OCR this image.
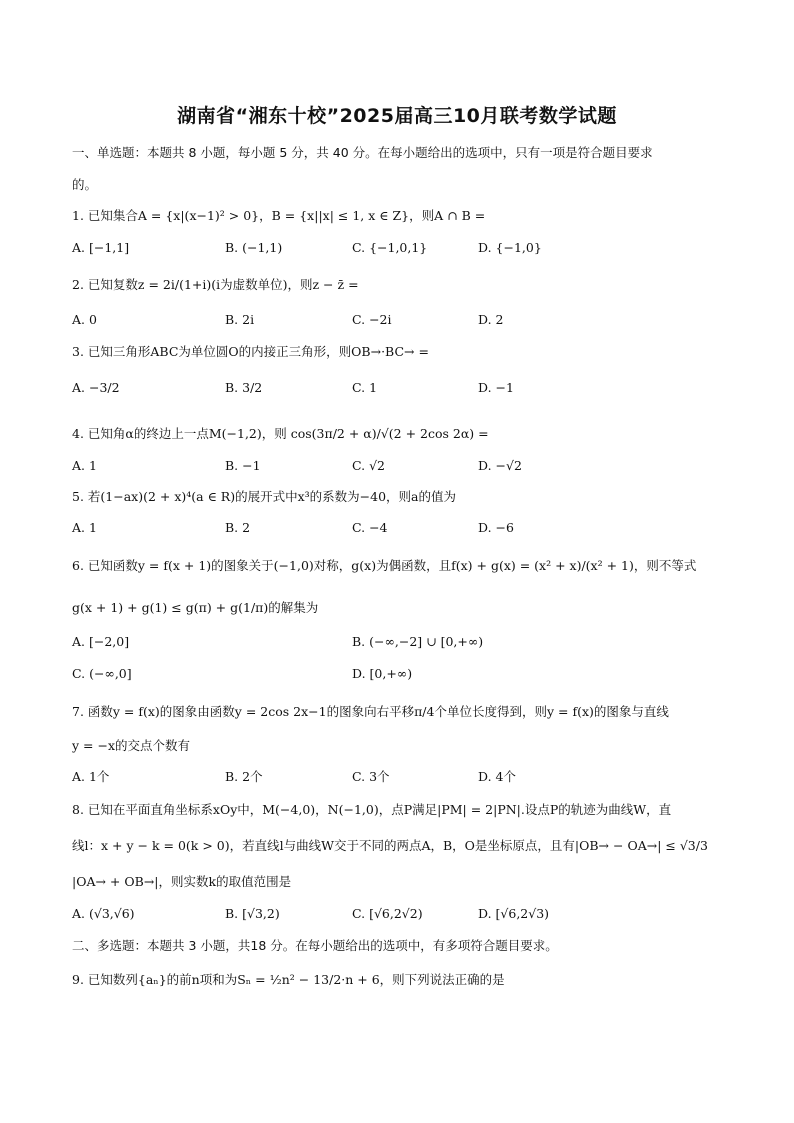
湖南省“湘东十校”2025届高三10月联考数学试题
一、单选题：本题共 8 小题，每小题 5 分，共 40 分。在每小题给出的选项中，只有一项是符合题目要求
的。
1. 已知集合A = {x|(x−1)² > 0}，B = {x||x| ≤ 1, x ∈ Z}，则A ∩ B =
A. [−1,1]	B. (−1,1)	C. {−1,0,1}	D. {−1,0}
2. 已知复数z = 2i/(1+i)(i为虚数单位)，则z − z̄ =
A. 0	B. 2i	C. −2i	D. 2
3. 已知三角形ABC为单位圆O的内接正三角形，则OB→·BC→ =
A. −3/2	B. 3/2	C. 1	D. −1
4. 已知角α的终边上一点M(−1,2)，则 cos(3π/2 + α)/√(2 + 2cos 2α) =
A. 1	B. −1	C. √2	D. −√2
5. 若(1−ax)(2 + x)⁴(a ∈ R)的展开式中x³的系数为−40，则a的值为
A. 1	B. 2	C. −4	D. −6
6. 已知函数y = f(x + 1)的图象关于(−1,0)对称，g(x)为偶函数，且f(x) + g(x) = (x² + x)/(x² + 1)，则不等式
g(x + 1) + g(1) ≤ g(π) + g(1/π)的解集为
A. [−2,0]	B. (−∞,−2] ∪ [0,+∞)
C. (−∞,0]	D. [0,+∞)
7. 函数y = f(x)的图象由函数y = 2cos 2x−1的图象向右平移π/4个单位长度得到，则y = f(x)的图象与直线
y = −x的交点个数有
A. 1个	B. 2个	C. 3个	D. 4个
8. 已知在平面直角坐标系xOy中，M(−4,0)，N(−1,0)，点P满足|PM| = 2|PN|.设点P的轨迹为曲线W，直
线l：x + y − k = 0(k > 0)，若直线l与曲线W交于不同的两点A，B，O是坐标原点，且有|OB→ − OA→| ≤ √3/3
|OA→ + OB→|，则实数k的取值范围是
A. (√3,√6)	B. [√3,2)	C. [√6,2√2)	D. [√6,2√3)
二、多选题：本题共 3 小题，共18 分。在每小题给出的选项中，有多项符合题目要求。
9. 已知数列{aₙ}的前n项和为Sₙ = ½n² − 13/2·n + 6，则下列说法正确的是
